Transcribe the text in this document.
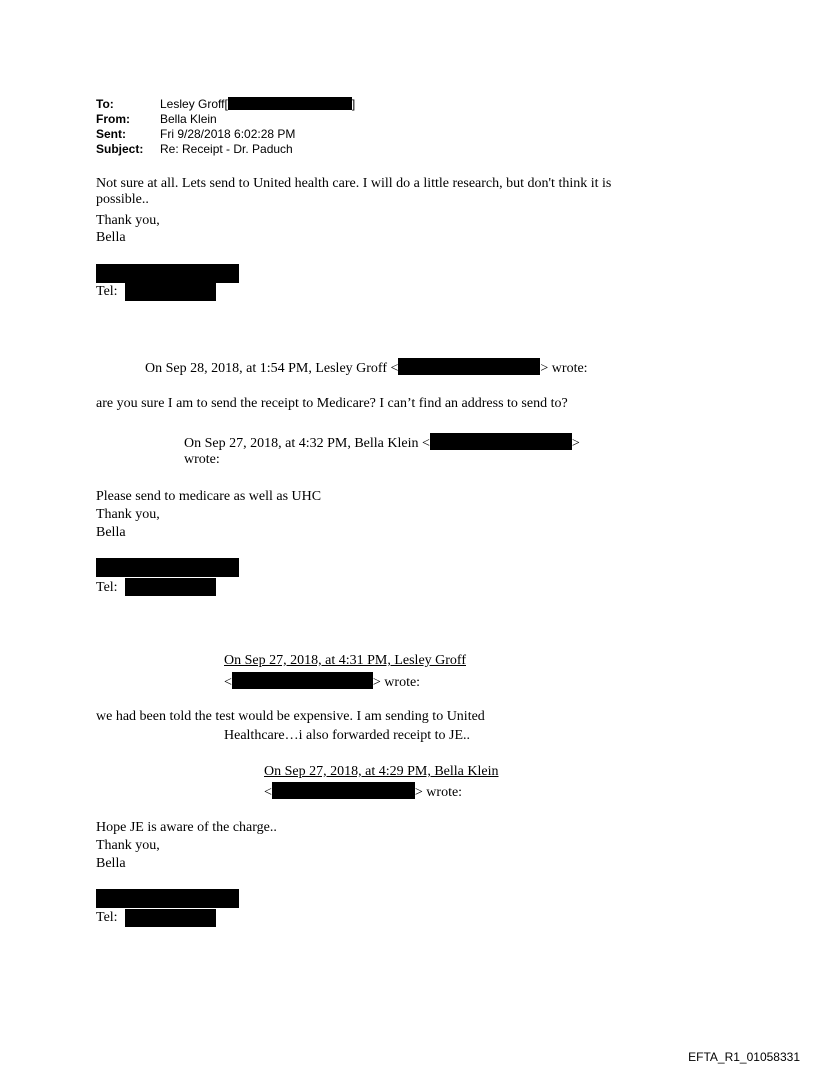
To:	Lesley Groff[	]
From:	Bella Klein
Sent:	Fri 9/28/2018 6:02:28 PM
Subject: Re: Receipt - Dr. Paduch
Not sure at all. Lets send to United health care. I will do a little research, but don't think it is
possible..
Thank you,
Bella
Tel:
On Sep 28, 2018, at 1:54 PM, Lesley Groff <	> wrote:
are you sure I am to send the receipt to Medicare? I can’t find an address to send to?
On Sep 27, 2018, at 4:32 PM, Bella Klein <	>
wrote:
Please send to medicare as well as UHC
Thank you,
Bella
Tel:
On Sep 27, 2018, at 4:31 PM, Lesley Groff
<	> wrote:
we had been told the test would be expensive. I am sending to United
Healthcare…i also forwarded receipt to JE..
On Sep 27, 2018, at 4:29 PM, Bella Klein
<	> wrote:
Hope JE is aware of the charge..
Thank you,
Bella
Tel:
EFTA_R1_01058331
